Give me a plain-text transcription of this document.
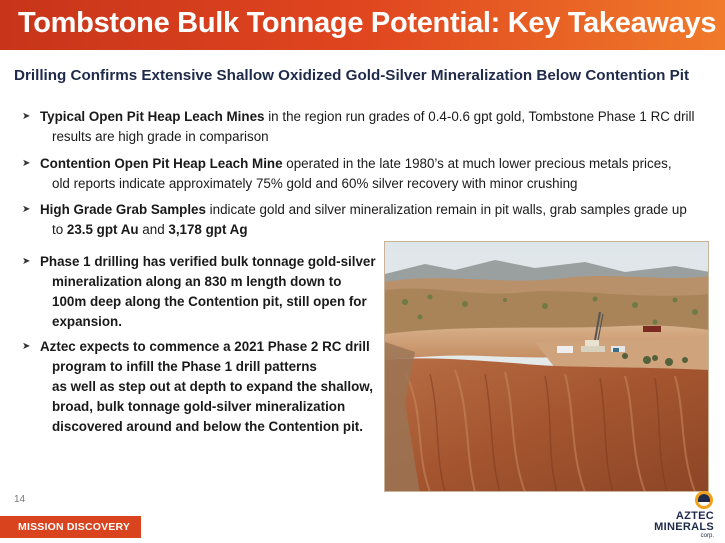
Tombstone Bulk Tonnage Potential: Key Takeaways
Drilling Confirms Extensive Shallow Oxidized Gold-Silver Mineralization Below Contention Pit
➤ Typical Open Pit Heap Leach Mines in the region run grades of 0.4-0.6 gpt gold, Tombstone Phase 1 RC drill
results are high grade in comparison
➤ Contention Open Pit Heap Leach Mine operated in the late 1980’s at much lower precious metals prices,
old reports indicate approximately 75% gold and 60% silver recovery with minor crushing
➤ High Grade Grab Samples indicate gold and silver mineralization remain in pit walls, grab samples grade up
to 23.5 gpt Au and 3,178 gpt Ag
➤ Phase 1 drilling has verified bulk tonnage gold-silver
mineralization along an 830 m length down to
100m deep along the Contention pit, still open for
expansion.
➤ Aztec expects to commence a 2021 Phase 2 RC drill
program to infill the Phase 1 drill patterns
as well as step out at depth to expand the shallow,
broad, bulk tonnage gold-silver mineralization
discovered around and below the Contention pit.
14
MISSION DISCOVERY
AZTEC
MINERALS
corp.
